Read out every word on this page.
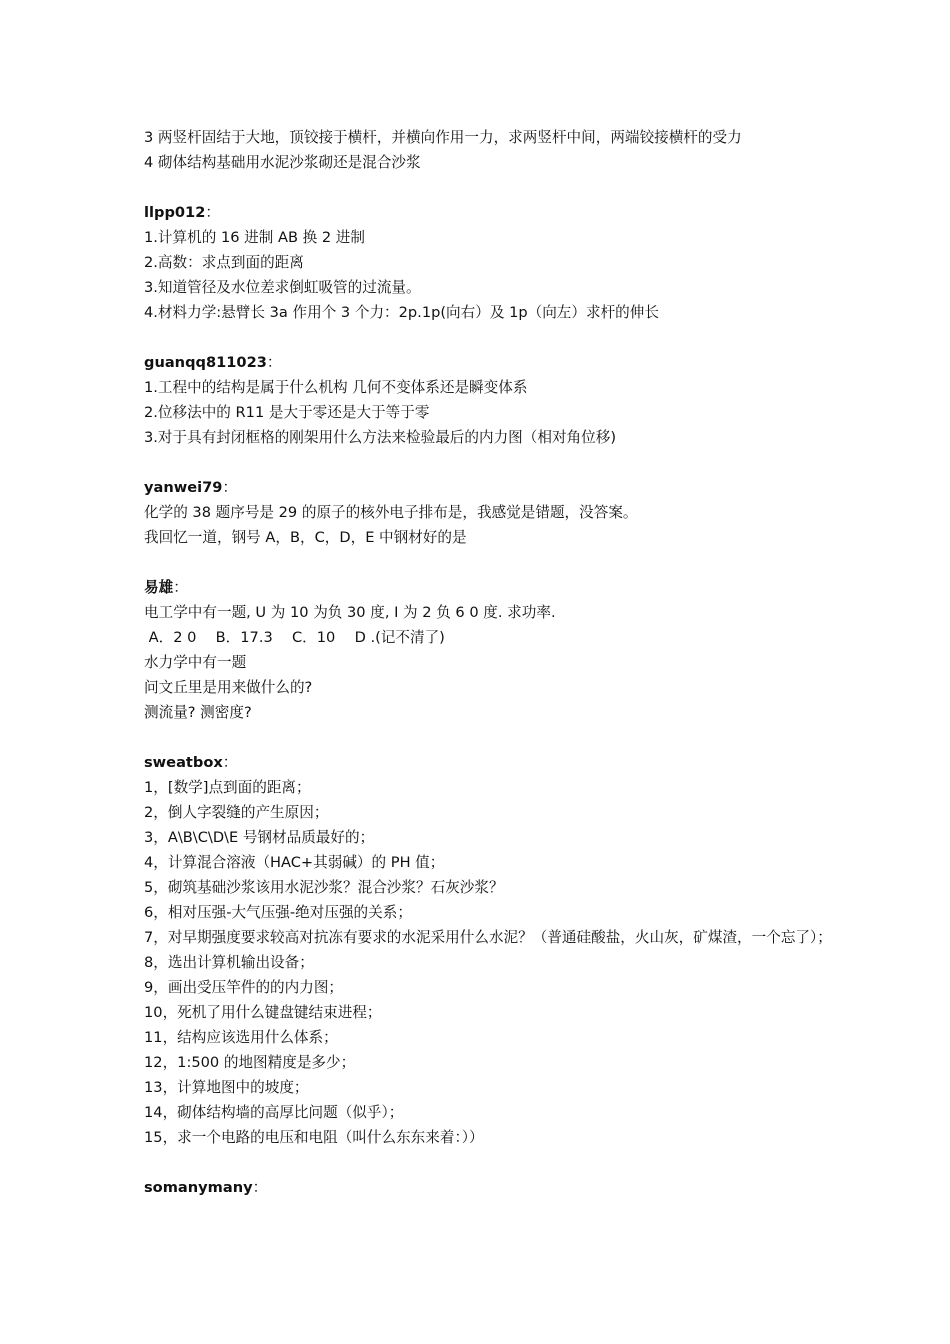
3 两竖杆固结于大地，顶铰接于横杆，并横向作用一力，求两竖杆中间，两端铰接横杆的受力
4 砌体结构基础用水泥沙浆砌还是混合沙浆
llpp012：
1.计算机的 16 进制 AB 换 2 进制
2.高数：求点到面的距离
3.知道管径及水位差求倒虹吸管的过流量。
4.材料力学:悬臂长 3a 作用个 3 个力：2p.1p(向右）及 1p（向左）求杆的伸长
guanqq811023：
1.工程中的结构是属于什么机构 几何不变体系还是瞬变体系
2.位移法中的 R11 是大于零还是大于等于零
3.对于具有封闭框格的刚架用什么方法来检验最后的内力图（相对角位移)
yanwei79：
化学的 38 题序号是 29 的原子的核外电子排布是，我感觉是错题，没答案。
我回忆一道，钢号 A，B，C，D，E 中钢材好的是
易雄：
电工学中有一题, U 为 10 为负 30 度, I 为 2 负 6 0 度. 求功率.
A．2 0　 B．17.3　 C．10　 D .(记不清了)
水力学中有一题
问文丘里是用来做什么的?
测流量? 测密度?
sweatbox：
1，[数学]点到面的距离；
2，倒人字裂缝的产生原因；
3，A\B\C\D\E 号钢材品质最好的；
4，计算混合溶液（HAC+其弱碱）的 PH 值；
5，砌筑基础沙浆该用水泥沙浆？混合沙浆？石灰沙浆？
6，相对压强-大气压强-绝对压强的关系；
7，对早期强度要求较高对抗冻有要求的水泥采用什么水泥？（普通硅酸盐，火山灰，矿煤渣，一个忘了）；
8，选出计算机输出设备；
9，画出受压竿件的的内力图；
10，死机了用什么键盘键结束进程；
11，结构应该选用什么体系；
12，1:500 的地图精度是多少；
13，计算地图中的坡度；
14，砌体结构墙的高厚比问题（似乎）；
15，求一个电路的电压和电阻（叫什么东东来着：））
somanymany：
